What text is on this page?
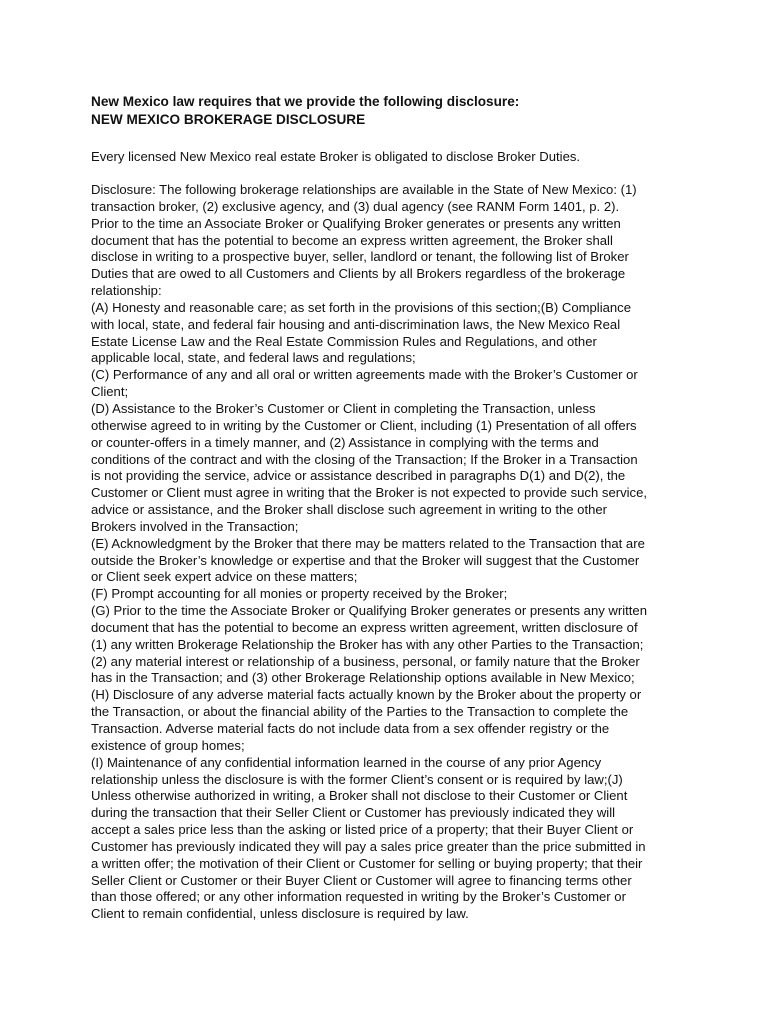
New Mexico law requires that we provide the following disclosure:

NEW MEXICO BROKERAGE DISCLOSURE

Every licensed New Mexico real estate Broker is obligated to disclose Broker Duties.

Disclosure: The following brokerage relationships are available in the State of New Mexico: (1)
transaction broker, (2) exclusive agency, and (3) dual agency (see RANM Form 1401, p. 2).
Prior to the time an Associate Broker or Qualifying Broker generates or presents any written
document that has the potential to become an express written agreement, the Broker shall
disclose in writing to a prospective buyer, seller, landlord or tenant, the following list of Broker
Duties that are owed to all Customers and Clients by all Brokers regardless of the brokerage
relationship:
(A) Honesty and reasonable care; as set forth in the provisions of this section;(B) Compliance
with local, state, and federal fair housing and anti-discrimination laws, the New Mexico Real
Estate License Law and the Real Estate Commission Rules and Regulations, and other
applicable local, state, and federal laws and regulations;
(C) Performance of any and all oral or written agreements made with the Broker’s Customer or
Client;
(D) Assistance to the Broker’s Customer or Client in completing the Transaction, unless
otherwise agreed to in writing by the Customer or Client, including (1) Presentation of all offers
or counter-offers in a timely manner, and (2) Assistance in complying with the terms and
conditions of the contract and with the closing of the Transaction; If the Broker in a Transaction
is not providing the service, advice or assistance described in paragraphs D(1) and D(2), the
Customer or Client must agree in writing that the Broker is not expected to provide such service,
advice or assistance, and the Broker shall disclose such agreement in writing to the other
Brokers involved in the Transaction;
(E) Acknowledgment by the Broker that there may be matters related to the Transaction that are
outside the Broker’s knowledge or expertise and that the Broker will suggest that the Customer
or Client seek expert advice on these matters;
(F) Prompt accounting for all monies or property received by the Broker;
(G) Prior to the time the Associate Broker or Qualifying Broker generates or presents any written
document that has the potential to become an express written agreement, written disclosure of
(1) any written Brokerage Relationship the Broker has with any other Parties to the Transaction;
(2) any material interest or relationship of a business, personal, or family nature that the Broker
has in the Transaction; and (3) other Brokerage Relationship options available in New Mexico;
(H) Disclosure of any adverse material facts actually known by the Broker about the property or
the Transaction, or about the financial ability of the Parties to the Transaction to complete the
Transaction. Adverse material facts do not include data from a sex offender registry or the
existence of group homes;
(I) Maintenance of any confidential information learned in the course of any prior Agency
relationship unless the disclosure is with the former Client’s consent or is required by law;(J)
Unless otherwise authorized in writing, a Broker shall not disclose to their Customer or Client
during the transaction that their Seller Client or Customer has previously indicated they will
accept a sales price less than the asking or listed price of a property; that their Buyer Client or
Customer has previously indicated they will pay a sales price greater than the price submitted in
a written offer; the motivation of their Client or Customer for selling or buying property; that their
Seller Client or Customer or their Buyer Client or Customer will agree to financing terms other
than those offered; or any other information requested in writing by the Broker’s Customer or
Client to remain confidential, unless disclosure is required by law.
